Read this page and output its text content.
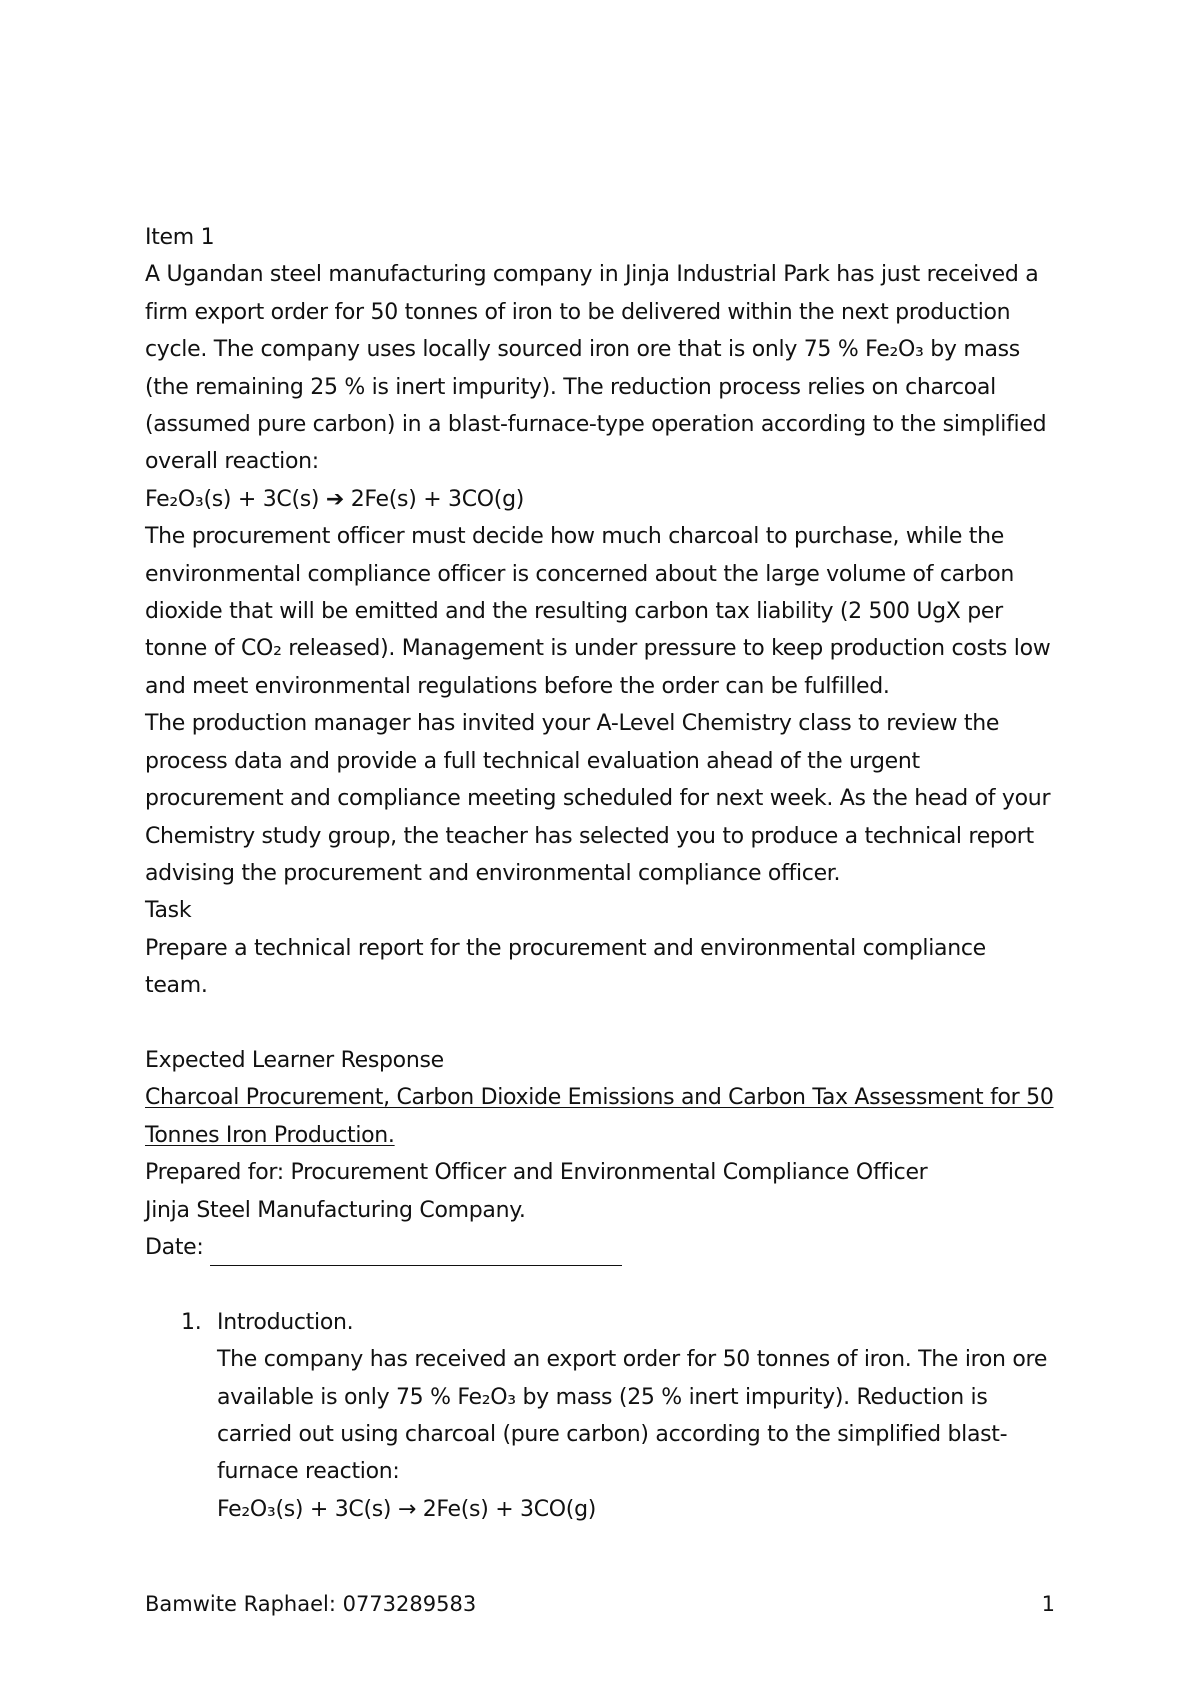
Item 1

A Ugandan steel manufacturing company in Jinja Industrial Park has just received a firm export order for 50 tonnes of iron to be delivered within the next production cycle. The company uses locally sourced iron ore that is only 75 % Fe₂O₃ by mass (the remaining 25 % is inert impurity). The reduction process relies on charcoal (assumed pure carbon) in a blast-furnace-type operation according to the simplified overall reaction:

Fe₂O₃(s) + 3C(s) ➔ 2Fe(s) + 3CO(g)

The procurement officer must decide how much charcoal to purchase, while the environmental compliance officer is concerned about the large volume of carbon dioxide that will be emitted and the resulting carbon tax liability (2 500 UgX per tonne of CO₂ released). Management is under pressure to keep production costs low and meet environmental regulations before the order can be fulfilled.

The production manager has invited your A-Level Chemistry class to review the process data and provide a full technical evaluation ahead of the urgent procurement and compliance meeting scheduled for next week. As the head of your Chemistry study group, the teacher has selected you to produce a technical report advising the procurement and environmental compliance officer.

Task

Prepare a technical report for the procurement and environmental compliance team.

Expected Learner Response

Charcoal Procurement, Carbon Dioxide Emissions and Carbon Tax Assessment for 50 Tonnes Iron Production.

Prepared for: Procurement Officer and Environmental Compliance Officer

Jinja Steel Manufacturing Company.

Date:

1. Introduction.

The company has received an export order for 50 tonnes of iron. The iron ore available is only 75 % Fe₂O₃ by mass (25 % inert impurity). Reduction is carried out using charcoal (pure carbon) according to the simplified blast-furnace reaction:

Fe₂O₃(s) + 3C(s) → 2Fe(s) + 3CO(g)

Bamwite Raphael: 0773289583	1
